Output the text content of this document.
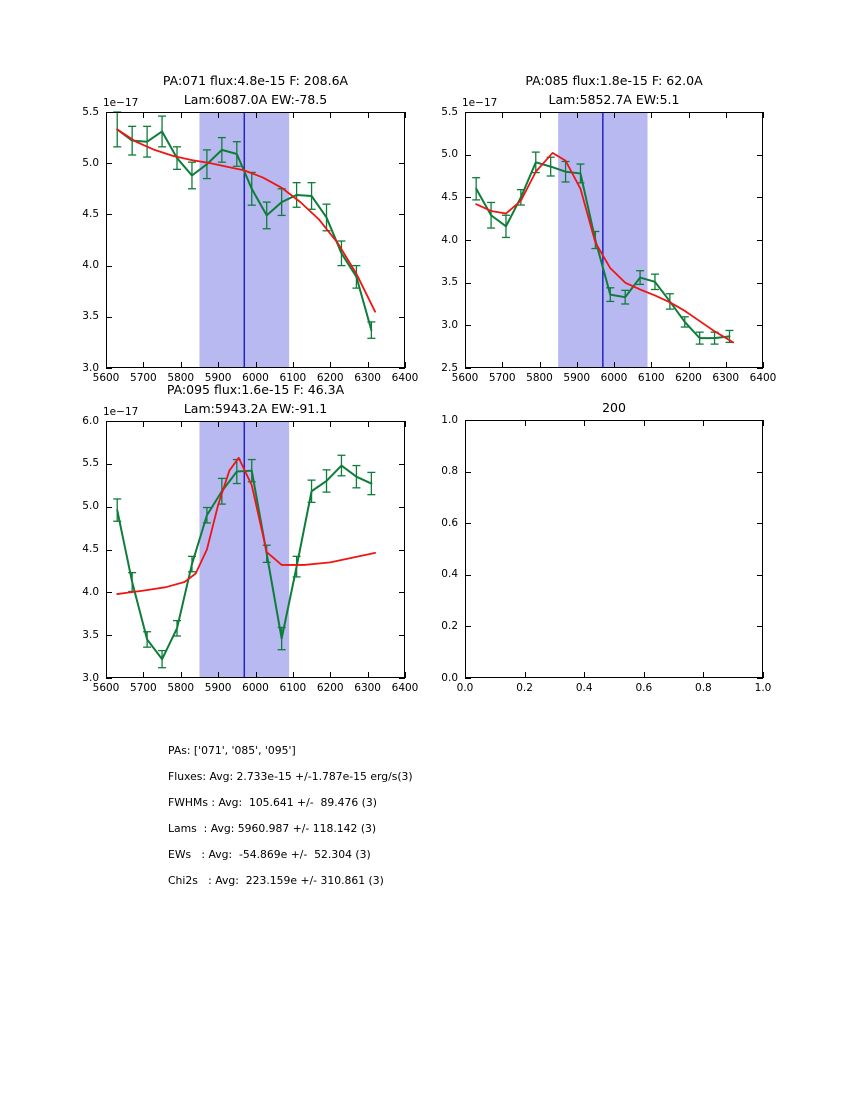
PA:071 flux:4.8e-15 F: 208.6A
Lam:6087.0A EW:-78.5
1e−17
5600 5700 5800 5900 6000 6100 6200 6300 6400
3.0
3.5
4.0
4.5
5.0
5.5
PA:085 flux:1.8e-15 F: 62.0A
Lam:5852.7A EW:5.1
1e−17
5600 5700 5800 5900 6000 6100 6200 6300 6400
2.5
3.0
3.5
4.0
4.5
5.0
5.5
PA:095 flux:1.6e-15 F: 46.3A
Lam:5943.2A EW:-91.1
1e−17
5600 5700 5800 5900 6000 6100 6200 6300 6400
3.0
3.5
4.0
4.5
5.0
5.5
6.0
200
0.0	0.2	0.4	0.6	0.8	1.0
0.0
0.2
0.4
0.6
0.8
1.0
PAs: ['071', '085', '095']
Fluxes: Avg: 2.733e-15 +/-1.787e-15 erg/s(3)
FWHMs : Avg:  105.641 +/-  89.476 (3)
Lams  : Avg: 5960.987 +/- 118.142 (3)
EWs   : Avg:  -54.869e +/-  52.304 (3)
Chi2s   : Avg:  223.159e +/- 310.861 (3)
